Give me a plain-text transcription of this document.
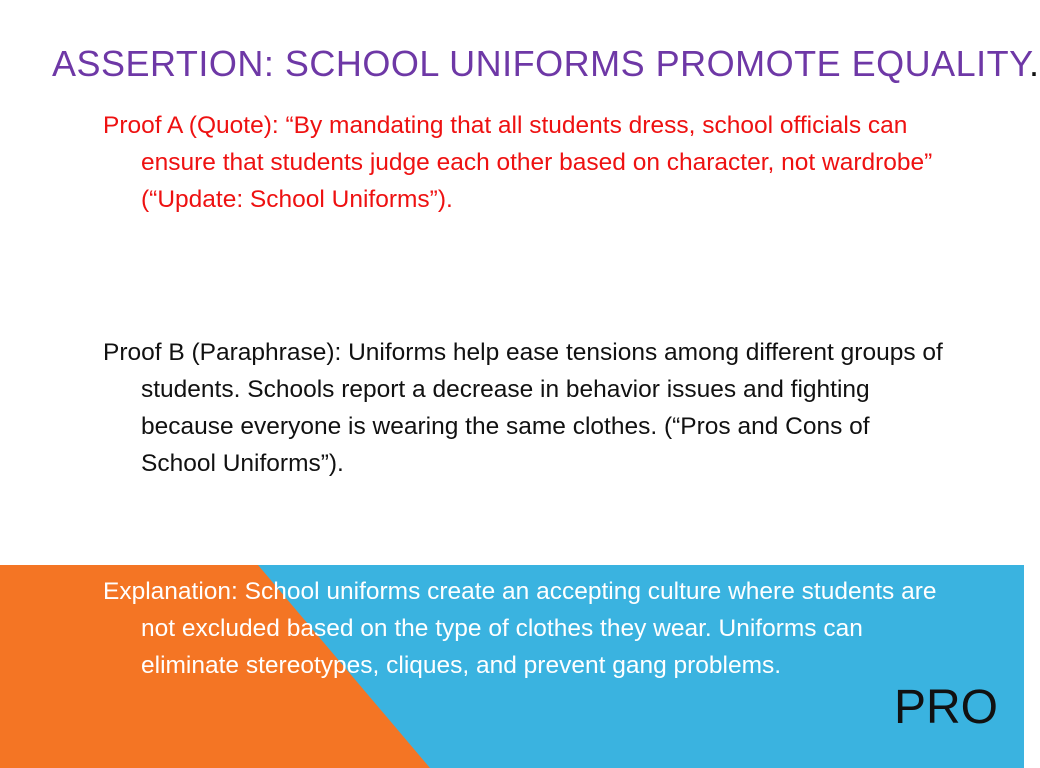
ASSERTION: SCHOOL UNIFORMS PROMOTE EQUALITY.

Proof A (Quote): “By mandating that all students dress, school officials can ensure that students judge each other based on character, not wardrobe” (“Update: School Uniforms”).

Proof B (Paraphrase): Uniforms help ease tensions among different groups of students. Schools report a decrease in behavior issues and fighting because everyone is wearing the same clothes. (“Pros and Cons of School Uniforms”).

Explanation: School uniforms create an accepting culture where students are not excluded based on the type of clothes they wear. Uniforms can eliminate stereotypes, cliques, and prevent gang problems.

PRO
